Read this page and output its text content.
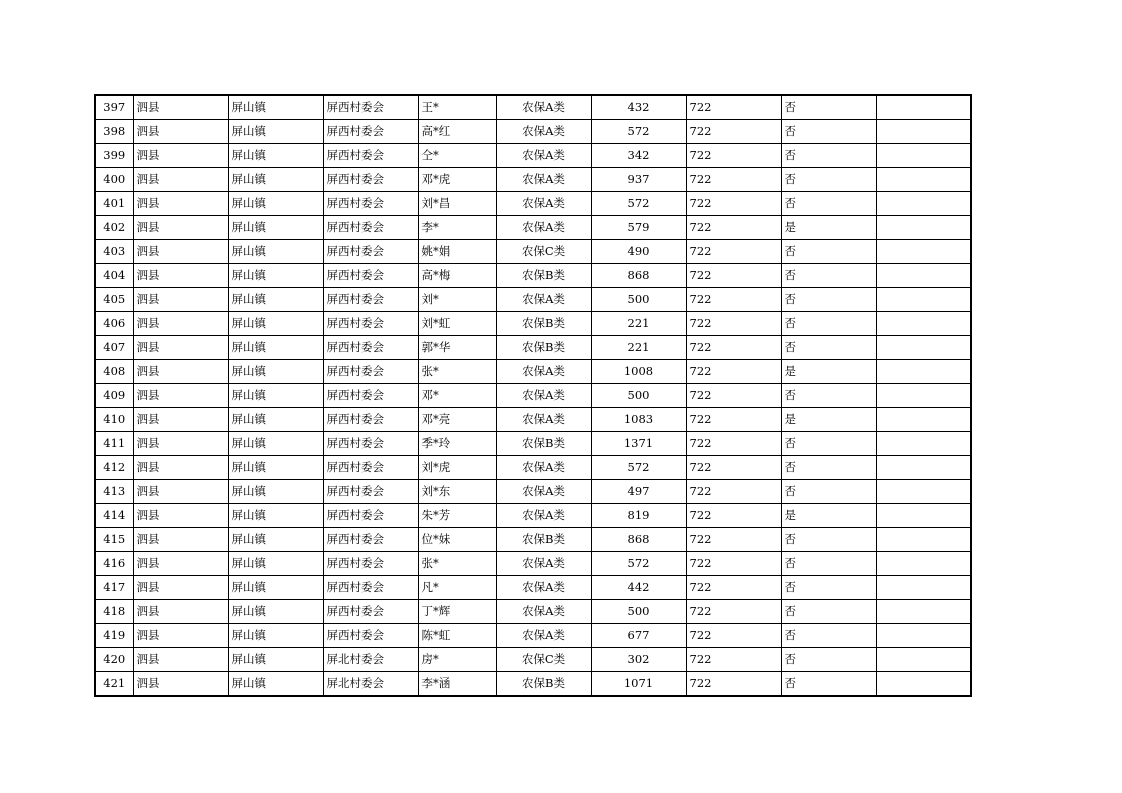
397	泗县	屏山镇	屏西村委会	王*	农保A类	432	722	否	
398	泗县	屏山镇	屏西村委会	高*红	农保A类	572	722	否	
399	泗县	屏山镇	屏西村委会	仝*	农保A类	342	722	否	
400	泗县	屏山镇	屏西村委会	邓*虎	农保A类	937	722	否	
401	泗县	屏山镇	屏西村委会	刘*昌	农保A类	572	722	否	
402	泗县	屏山镇	屏西村委会	李*	农保A类	579	722	是	
403	泗县	屏山镇	屏西村委会	姚*娟	农保C类	490	722	否	
404	泗县	屏山镇	屏西村委会	高*梅	农保B类	868	722	否	
405	泗县	屏山镇	屏西村委会	刘*	农保A类	500	722	否	
406	泗县	屏山镇	屏西村委会	刘*虹	农保B类	221	722	否	
407	泗县	屏山镇	屏西村委会	郭*华	农保B类	221	722	否	
408	泗县	屏山镇	屏西村委会	张*	农保A类	1008	722	是	
409	泗县	屏山镇	屏西村委会	邓*	农保A类	500	722	否	
410	泗县	屏山镇	屏西村委会	邓*亮	农保A类	1083	722	是	
411	泗县	屏山镇	屏西村委会	季*玲	农保B类	1371	722	否	
412	泗县	屏山镇	屏西村委会	刘*虎	农保A类	572	722	否	
413	泗县	屏山镇	屏西村委会	刘*东	农保A类	497	722	否	
414	泗县	屏山镇	屏西村委会	朱*芳	农保A类	819	722	是	
415	泗县	屏山镇	屏西村委会	位*妹	农保B类	868	722	否	
416	泗县	屏山镇	屏西村委会	张*	农保A类	572	722	否	
417	泗县	屏山镇	屏西村委会	凡*	农保A类	442	722	否	
418	泗县	屏山镇	屏西村委会	丁*辉	农保A类	500	722	否	
419	泗县	屏山镇	屏西村委会	陈*虹	农保A类	677	722	否	
420	泗县	屏山镇	屏北村委会	房*	农保C类	302	722	否	
421	泗县	屏山镇	屏北村委会	李*涵	农保B类	1071	722	否	
